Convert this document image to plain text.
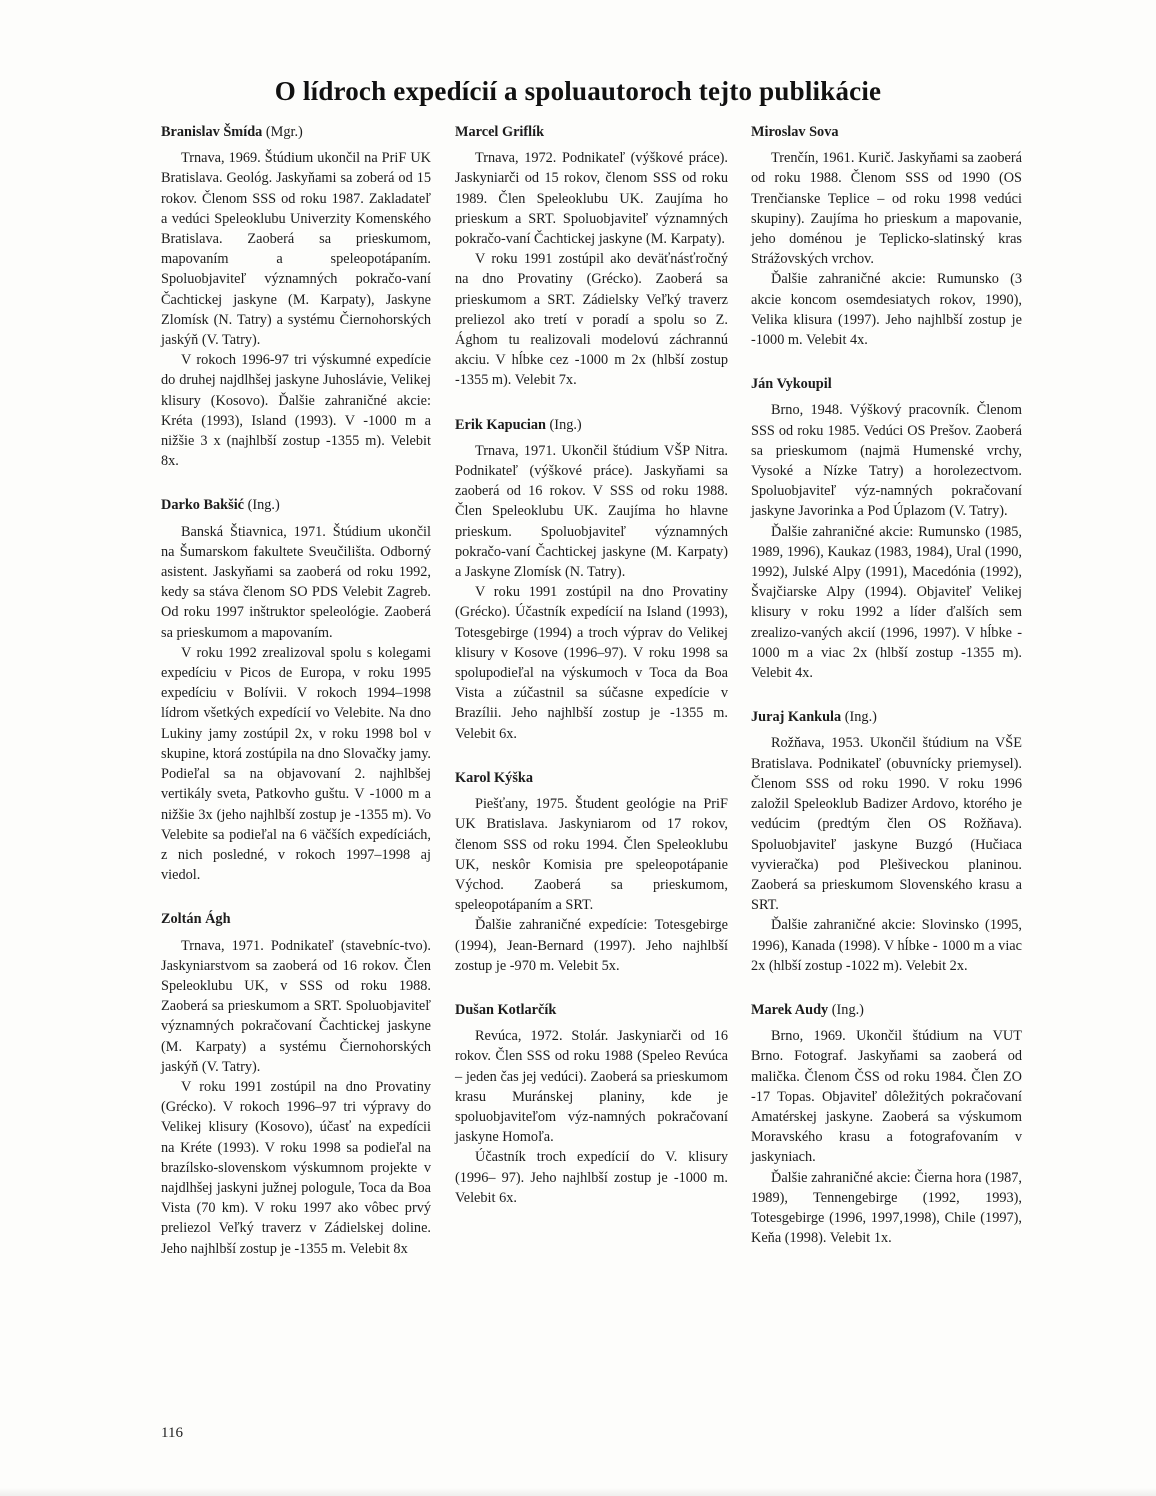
O lídroch expedícií a spoluautoroch tejto publikácie

Branislav Šmída (Mgr.)

Trnava, 1969. Štúdium ukončil na PriF UK Bratislava. Geológ. Jaskyňami sa zoberá od 15 rokov. Členom SSS od roku 1987. Zakladateľ a vedúci Speleoklubu Univerzity Komenského Bratislava. Zaoberá sa prieskumom, mapovaním a speleopotápaním. Spoluobjaviteľ významných pokračo-vaní Čachtickej jaskyne (M. Karpaty), Jaskyne Zlomísk (N. Tatry) a systému Čiernohorských jaskýň (V. Tatry).

V rokoch 1996-97 tri výskumné expedície do druhej najdlhšej jaskyne Juhoslávie, Velikej klisury (Kosovo). Ďalšie zahraničné akcie: Kréta (1993), Island (1993). V -1000 m a nižšie 3 x (najhlbší zostup -1355 m). Velebit 8x.

Darko Bakšić (Ing.)

Banská Štiavnica, 1971. Štúdium ukončil na Šumarskom fakultete Sveučilišta. Odborný asistent. Jaskyňami sa zaoberá od roku 1992, kedy sa stáva členom SO PDS Velebit Zagreb. Od roku 1997 inštruktor speleológie. Zaoberá sa prieskumom a mapovaním.

V roku 1992 zrealizoval spolu s kolegami expedíciu v Picos de Europa, v roku 1995 expedíciu v Bolívii. V rokoch 1994–1998 lídrom všetkých expedícií vo Velebite. Na dno Lukiny jamy zostúpil 2x, v roku 1998 bol v skupine, ktorá zostúpila na dno Slovačky jamy. Podieľal sa na objavovaní 2. najhlbšej vertikály sveta, Patkovho guštu. V -1000 m a nižšie 3x (jeho najhlbší zostup je -1355 m). Vo Velebite sa podieľal na 6 väčších expedíciách, z nich posledné, v rokoch 1997–1998 aj viedol.

Zoltán Ágh

Trnava, 1971. Podnikateľ (stavebníc-tvo). Jaskyniarstvom sa zaoberá od 16 rokov. Člen Speleoklubu UK, v SSS od roku 1988. Zaoberá sa prieskumom a SRT. Spoluobjaviteľ významných pokračovaní Čachtickej jaskyne (M. Karpaty) a systému Čiernohorských jaskýň (V. Tatry).

V roku 1991 zostúpil na dno Provatiny (Grécko). V rokoch 1996–97 tri výpravy do Velikej klisury (Kosovo), účasť na expedícii na Kréte (1993). V roku 1998 sa podieľal na brazílsko-slovenskom výskumnom projekte v najdlhšej jaskyni južnej pologule, Toca da Boa Vista (70 km). V roku 1997 ako vôbec prvý preliezol Veľký traverz v Zádielskej doline. Jeho najhlbší zostup je -1355 m. Velebit 8x

Marcel Griflík

Trnava, 1972. Podnikateľ (výškové práce). Jaskyniarči od 15 rokov, členom SSS od roku 1989. Člen Speleoklubu UK. Zaujíma ho prieskum a SRT. Spoluobjaviteľ významných pokračo-vaní Čachtickej jaskyne (M. Karpaty).

V roku 1991 zostúpil ako deväťnásťročný na dno Provatiny (Grécko). Zaoberá sa prieskumom a SRT. Zádielsky Veľký traverz preliezol ako tretí v poradí a spolu so Z. Ághom tu realizovali modelovú záchrannú akciu. V hĺbke cez -1000 m 2x (hlbší zostup -1355 m). Velebit 7x.

Erik Kapucian (Ing.)

Trnava, 1971. Ukončil štúdium VŠP Nitra. Podnikateľ (výškové práce). Jaskyňami sa zaoberá od 16 rokov. V SSS od roku 1988. Člen Speleoklubu UK. Zaujíma ho hlavne prieskum. Spoluobjaviteľ významných pokračo-vaní Čachtickej jaskyne (M. Karpaty) a Jaskyne Zlomísk (N. Tatry).

V roku 1991 zostúpil na dno Provatiny (Grécko). Účastník expedícií na Island (1993), Totesgebirge (1994) a troch výprav do Velikej klisury v Kosove (1996–97). V roku 1998 sa spolupodieľal na výskumoch v Toca da Boa Vista a zúčastnil sa súčasne expedície v Brazílii. Jeho najhlbší zostup je -1355 m. Velebit 6x.

Karol Kýška

Piešťany, 1975. Študent geológie na PriF UK Bratislava. Jaskyniarom od 17 rokov, členom SSS od roku 1994. Člen Speleoklubu UK, neskôr Komisia pre speleopotápanie Východ. Zaoberá sa prieskumom, speleopotápaním a SRT.

Ďalšie zahraničné expedície: Totesgebirge (1994), Jean-Bernard (1997). Jeho najhlbší zostup je -970 m. Velebit 5x.

Dušan Kotlarčík

Revúca, 1972. Stolár. Jaskyniarči od 16 rokov. Člen SSS od roku 1988 (Speleo Revúca – jeden čas jej vedúci). Zaoberá sa prieskumom krasu Muránskej planiny, kde je spoluobjaviteľom výz-namných pokračovaní jaskyne Homoľa.

Účastník troch expedícií do V. klisury (1996– 97). Jeho najhlbší zostup je -1000 m. Velebit 6x.

Miroslav Sova

Trenčín, 1961. Kurič. Jaskyňami sa zaoberá od roku 1988. Členom SSS od 1990 (OS Trenčianske Teplice – od roku 1998 vedúci skupiny). Zaujíma ho prieskum a mapovanie, jeho doménou je Teplicko-slatinský kras Strážovských vrchov.

Ďalšie zahraničné akcie: Rumunsko (3 akcie koncom osemdesiatych rokov, 1990), Velika klisura (1997). Jeho najhlbší zostup je -1000 m. Velebit 4x.

Ján Vykoupil

Brno, 1948. Výškový pracovník. Členom SSS od roku 1985. Vedúci OS Prešov. Zaoberá sa prieskumom (najmä Humenské vrchy, Vysoké a Nízke Tatry) a horolezectvom. Spoluobjaviteľ výz-namných pokračovaní jaskyne Javorinka a Pod Úplazom (V. Tatry).

Ďalšie zahraničné akcie: Rumunsko (1985, 1989, 1996), Kaukaz (1983, 1984), Ural (1990, 1992), Julské Alpy (1991), Macedónia (1992), Švajčiarske Alpy (1994). Objaviteľ Velikej klisury v roku 1992 a líder ďalších sem zrealizo-vaných akcií (1996, 1997). V hĺbke - 1000 m a viac 2x (hlbší zostup -1355 m). Velebit 4x.

Juraj Kankula (Ing.)

Rožňava, 1953. Ukončil štúdium na VŠE Bratislava. Podnikateľ (obuvnícky priemysel). Členom SSS od roku 1990. V roku 1996 založil Speleoklub Badizer Ardovo, ktorého je vedúcim (predtým člen OS Rožňava). Spoluobjaviteľ jaskyne Buzgó (Hučiaca vyvieračka) pod Plešiveckou planinou. Zaoberá sa prieskumom Slovenského krasu a SRT.

Ďalšie zahraničné akcie: Slovinsko (1995, 1996), Kanada (1998). V hĺbke - 1000 m a viac 2x (hlbší zostup -1022 m). Velebit 2x.

Marek Audy (Ing.)

Brno, 1969. Ukončil štúdium na VUT Brno. Fotograf. Jaskyňami sa zaoberá od malička. Členom ČSS od roku 1984. Člen ZO -17 Topas. Objaviteľ dôležitých pokračovaní Amatérskej jaskyne. Zaoberá sa výskumom Moravského krasu a fotografovaním v jaskyniach.

Ďalšie zahraničné akcie: Čierna hora (1987, 1989), Tennengebirge (1992, 1993), Totesgebirge (1996, 1997,1998), Chile (1997), Keňa (1998). Velebit 1x.

116
